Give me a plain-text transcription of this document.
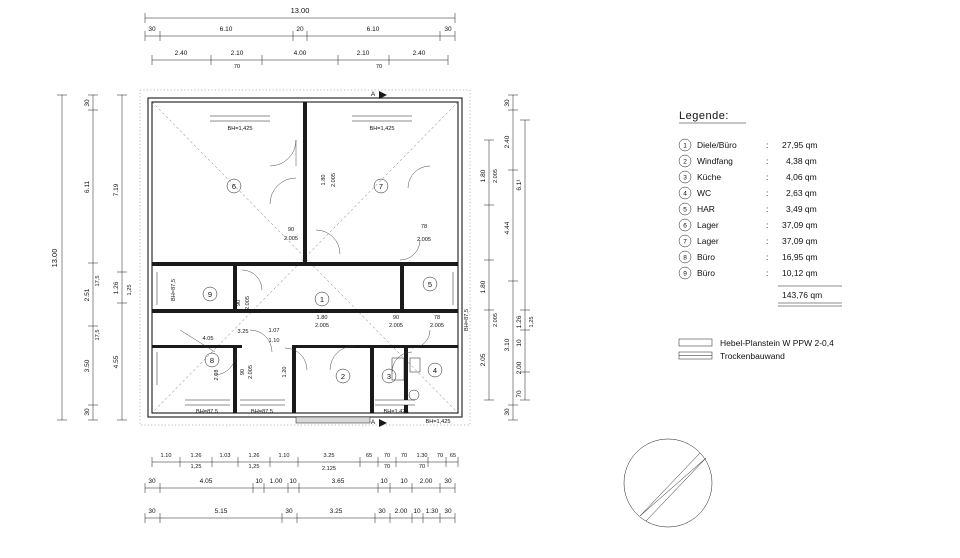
13.00
30	6.10	20	6.10	30
2.40	2.10	4.00	2.10	2.40
70	70
13.00
30
6.11
2.51
3.50
30
17,5
17,5
7.19
1.26
4.55
1,25
30
2.40
4.44
3.10
30
1.80
1.80
2.05
2.005
2.005
6.1¹
1.26
10
2.00
70
1,25
1
2	3
4
5
6	7
8
9
BH=1,425	BH=1,425
BH=87,5	BH=87,5	BH=1,425
BH=1,425
BH=87,5
BH=87,5
90
2.005
78
2.005
1.80 2.005
1.80
2.005
90
2.005
78
2.005
90 2.005
1.07
1.10
3.25
4.05
2.08	90 2.005	1.20
A
A
1.10	1.26	1.03	1.26	1.10	3.25	65 70 70 1.30 70 65
1,25	1,25	2.125	70	70
30	4.05	10 1.00 10	3.65	10 10 2.00 30
30	5.15	30	3.25	30 2.00 10 1.30 30
Legende:
1 Diele/Büro	: 27,95 qm
2 Windfang	: 4,38 qm
3 Küche	: 4,06 qm
4 WC	: 2,63 qm
5 HAR	: 3,49 qm
6 Lager	: 37,09 qm
7 Lager	: 37,09 qm
8 Büro	: 16,95 qm
9 Büro	: 10,12 qm
143,76 qm
Hebel-Planstein W PPW 2-0,4
Trockenbauwand
